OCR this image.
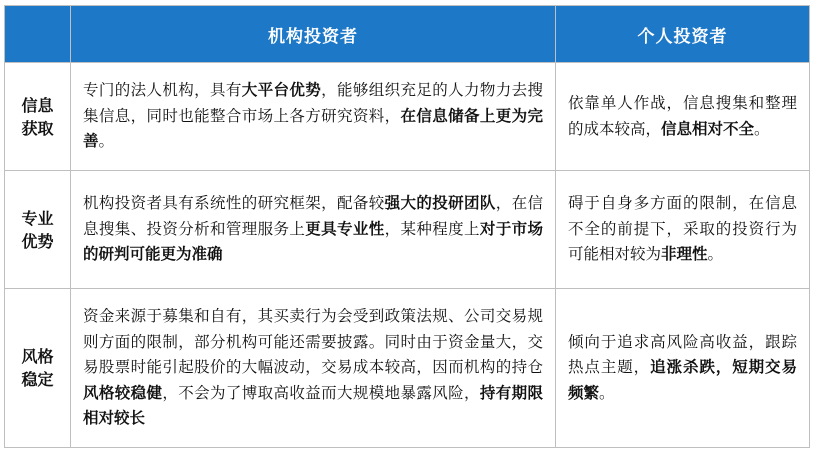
	机构投资者	个人投资者

信息
获取	专门的法人机构，具有大平台优势，能够组织充足的人力物力去搜集信息，同时也能整合市场上各方研究资料，在信息储备上更为完善。	依靠单人作战，信息搜集和整理的成本较高，信息相对不全。

专业
优势	机构投资者具有系统性的研究框架，配备较强大的投研团队，在信息搜集、投资分析和管理服务上更具专业性，某种程度上对于市场的研判可能更为准确	碍于自身多方面的限制，在信息不全的前提下，采取的投资行为可能相对较为非理性。

风格
稳定	资金来源于募集和自有，其买卖行为会受到政策法规、公司交易规则方面的限制，部分机构可能还需要披露。同时由于资金量大，交易股票时能引起股价的大幅波动，交易成本较高，因而机构的持仓风格较稳健，不会为了博取高收益而大规模地暴露风险，持有期限相对较长	倾向于追求高风险高收益，跟踪热点主题，追涨杀跌，短期交易频繁。
